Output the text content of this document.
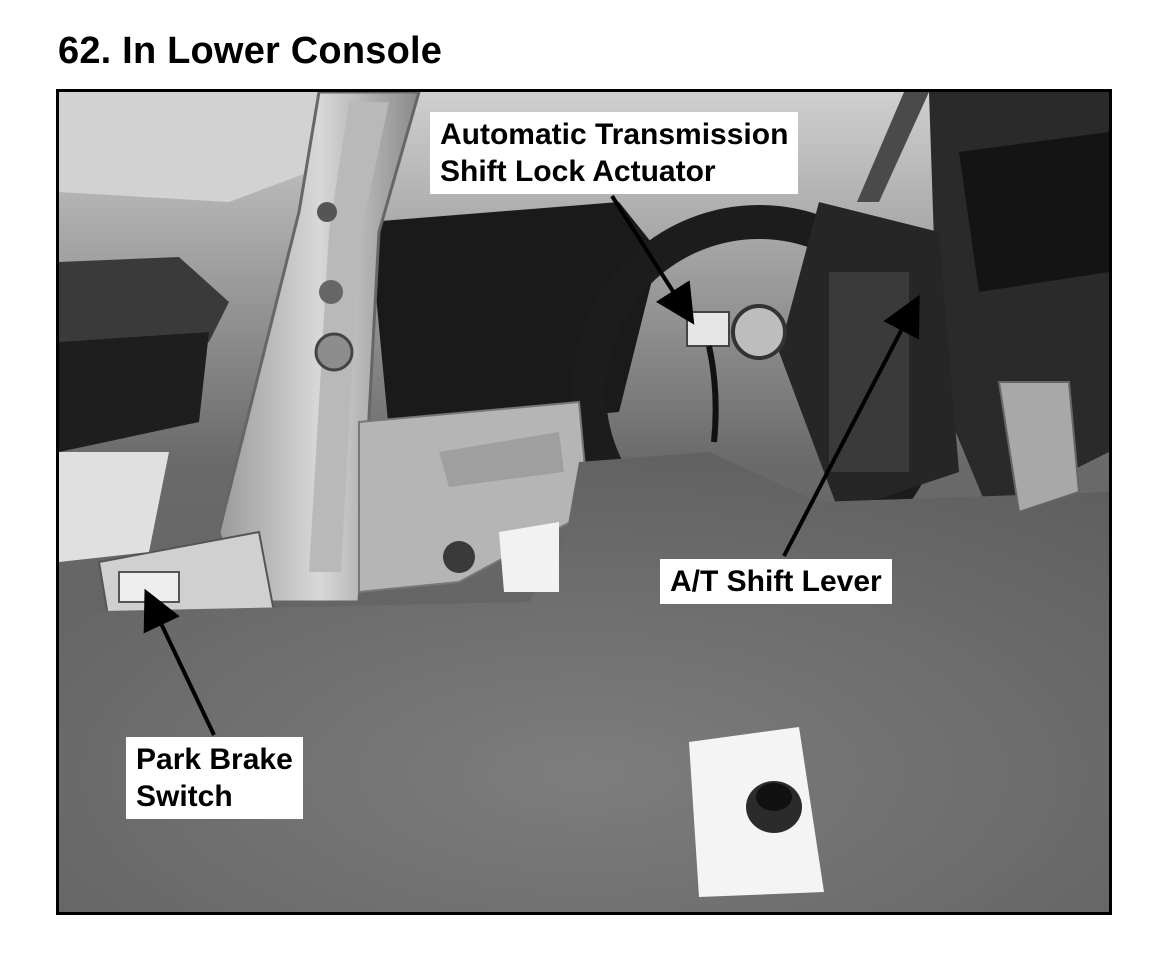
62. In Lower Console
Automatic Transmission
Shift Lock Actuator
A/T Shift Lever
Park Brake
Switch
